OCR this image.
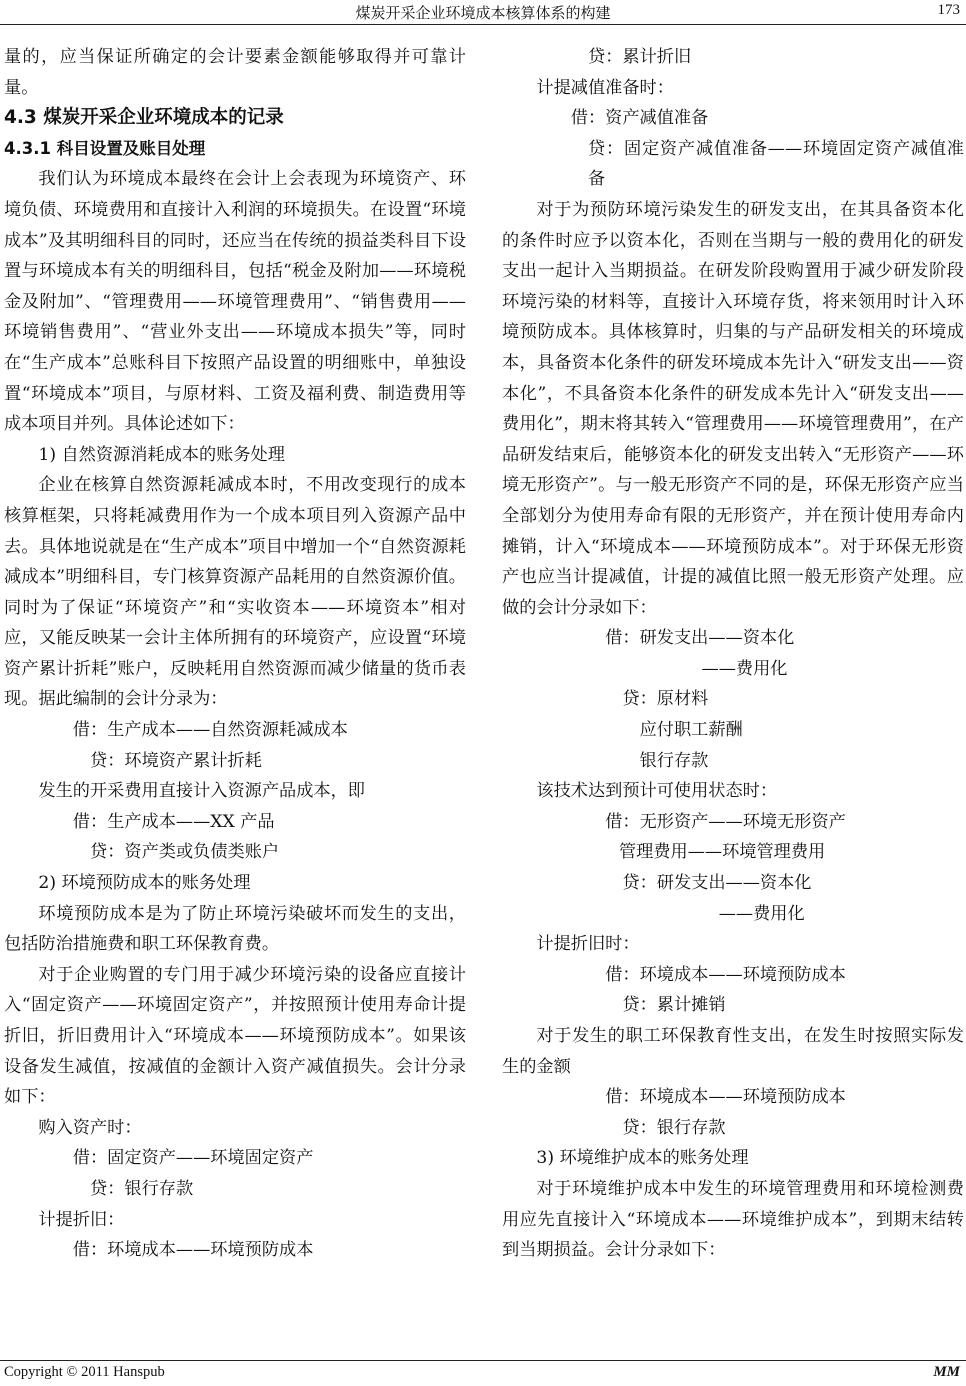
煤炭开采企业环境成本核算体系的构建	173

量的，应当保证所确定的会计要素金额能够取得并可靠计量。

4.3 煤炭开采企业环境成本的记录

4.3.1 科目设置及账目处理

我们认为环境成本最终在会计上会表现为环境资产、环境负债、环境费用和直接计入利润的环境损失。在设置“环境成本”及其明细科目的同时，还应当在传统的损益类科目下设置与环境成本有关的明细科目，包括“税金及附加——环境税金及附加”、“管理费用——环境管理费用”、“销售费用——环境销售费用”、“营业外支出——环境成本损失”等，同时在“生产成本”总账科目下按照产品设置的明细账中，单独设置“环境成本”项目，与原材料、工资及福利费、制造费用等成本项目并列。具体论述如下：

1) 自然资源消耗成本的账务处理

企业在核算自然资源耗减成本时，不用改变现行的成本核算框架，只将耗减费用作为一个成本项目列入资源产品中去。具体地说就是在“生产成本”项目中增加一个“自然资源耗减成本”明细科目，专门核算资源产品耗用的自然资源价值。同时为了保证“环境资产”和“实收资本——环境资本”相对应，又能反映某一会计主体所拥有的环境资产，应设置“环境资产累计折耗”账户，反映耗用自然资源而减少储量的货币表现。据此编制的会计分录为：

借：生产成本——自然资源耗减成本

贷：环境资产累计折耗

发生的开采费用直接计入资源产品成本，即

借：生产成本——XX 产品

贷：资产类或负债类账户

2) 环境预防成本的账务处理

环境预防成本是为了防止环境污染破坏而发生的支出，包括防治措施费和职工环保教育费。

对于企业购置的专门用于减少环境污染的设备应直接计入“固定资产——环境固定资产”，并按照预计使用寿命计提折旧，折旧费用计入“环境成本——环境预防成本”。如果该设备发生减值，按减值的金额计入资产减值损失。会计分录如下：

购入资产时：

借：固定资产——环境固定资产

贷：银行存款

计提折旧：

借：环境成本——环境预防成本

贷：累计折旧

计提减值准备时：

借：资产减值准备

贷：固定资产减值准备——环境固定资产减值准备

对于为预防环境污染发生的研发支出，在其具备资本化的条件时应予以资本化，否则在当期与一般的费用化的研发支出一起计入当期损益。在研发阶段购置用于减少研发阶段环境污染的材料等，直接计入环境存货，将来领用时计入环境预防成本。具体核算时，归集的与产品研发相关的环境成本，具备资本化条件的研发环境成本先计入“研发支出——资本化”，不具备资本化条件的研发成本先计入“研发支出——费用化”，期末将其转入“管理费用——环境管理费用”，在产品研发结束后，能够资本化的研发支出转入“无形资产——环境无形资产”。与一般无形资产不同的是，环保无形资产应当全部划分为使用寿命有限的无形资产，并在预计使用寿命内摊销，计入“环境成本——环境预防成本”。对于环保无形资产也应当计提减值，计提的减值比照一般无形资产处理。应做的会计分录如下：

借：研发支出——资本化

——费用化

贷：原材料

应付职工薪酬

银行存款

该技术达到预计可使用状态时：

借：无形资产——环境无形资产

管理费用——环境管理费用

贷：研发支出——资本化

——费用化

计提折旧时：

借：环境成本——环境预防成本

贷：累计摊销

对于发生的职工环保教育性支出，在发生时按照实际发生的金额

借：环境成本——环境预防成本

贷：银行存款

3) 环境维护成本的账务处理

对于环境维护成本中发生的环境管理费用和环境检测费用应先直接计入“环境成本——环境维护成本”，到期末结转到当期损益。会计分录如下：

Copyright © 2011 Hanspub	MM
